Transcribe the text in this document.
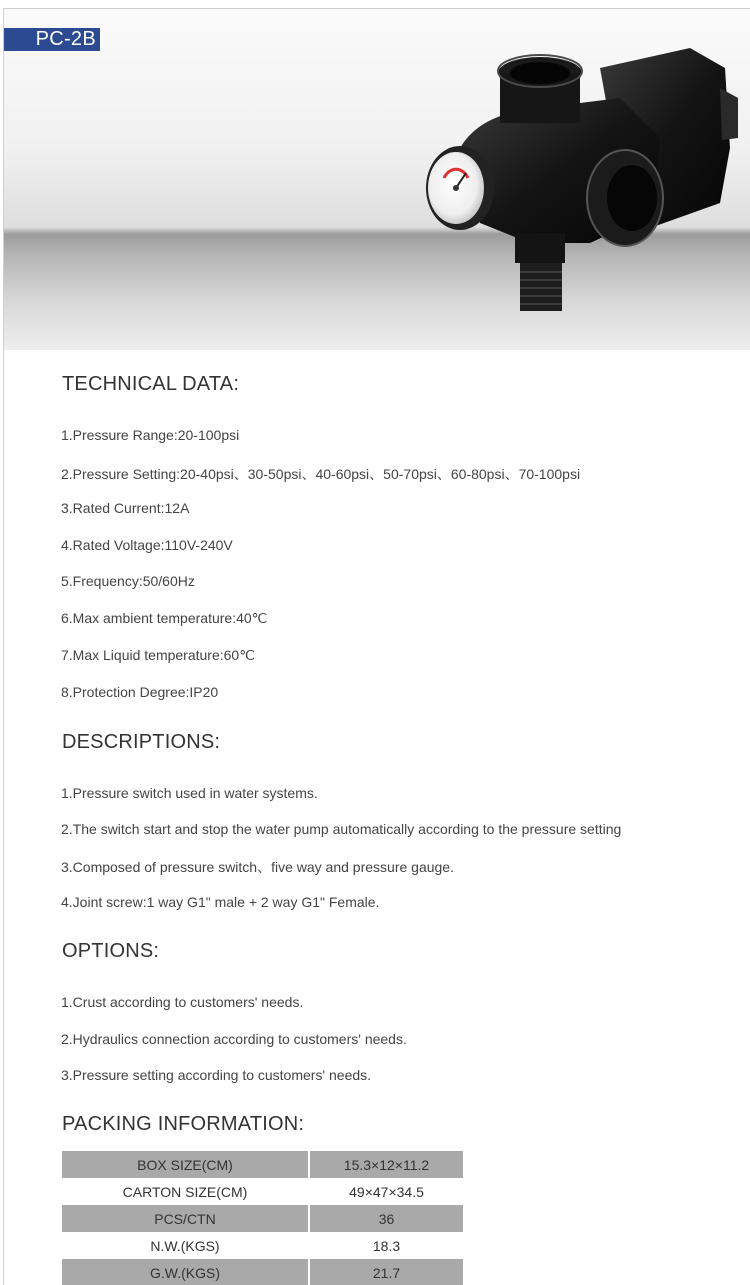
PC-2B
TECHNICAL DATA:
1.Pressure Range:20-100psi
2.Pressure Setting:20-40psi、30-50psi、40-60psi、50-70psi、60-80psi、70-100psi
3.Rated Current:12A
4.Rated Voltage:110V-240V
5.Frequency:50/60Hz
6.Max ambient temperature:40℃
7.Max Liquid temperature:60℃
8.Protection Degree:IP20
DESCRIPTIONS:
1.Pressure switch used in water systems.
2.The switch start and stop the water pump automatically according to the pressure setting
3.Composed of pressure switch、five way and pressure gauge.
4.Joint screw:1 way G1" male + 2 way G1" Female.
OPTIONS:
1.Crust according to customers' needs.
2.Hydraulics connection according to customers' needs.
3.Pressure setting according to customers' needs.
PACKING INFORMATION:
BOX SIZE(CM)		15.3×12×11.2
CARTON SIZE(CM)		49×47×34.5
PCS/CTN		36
N.W.(KGS)		18.3
G.W.(KGS)		21.7
